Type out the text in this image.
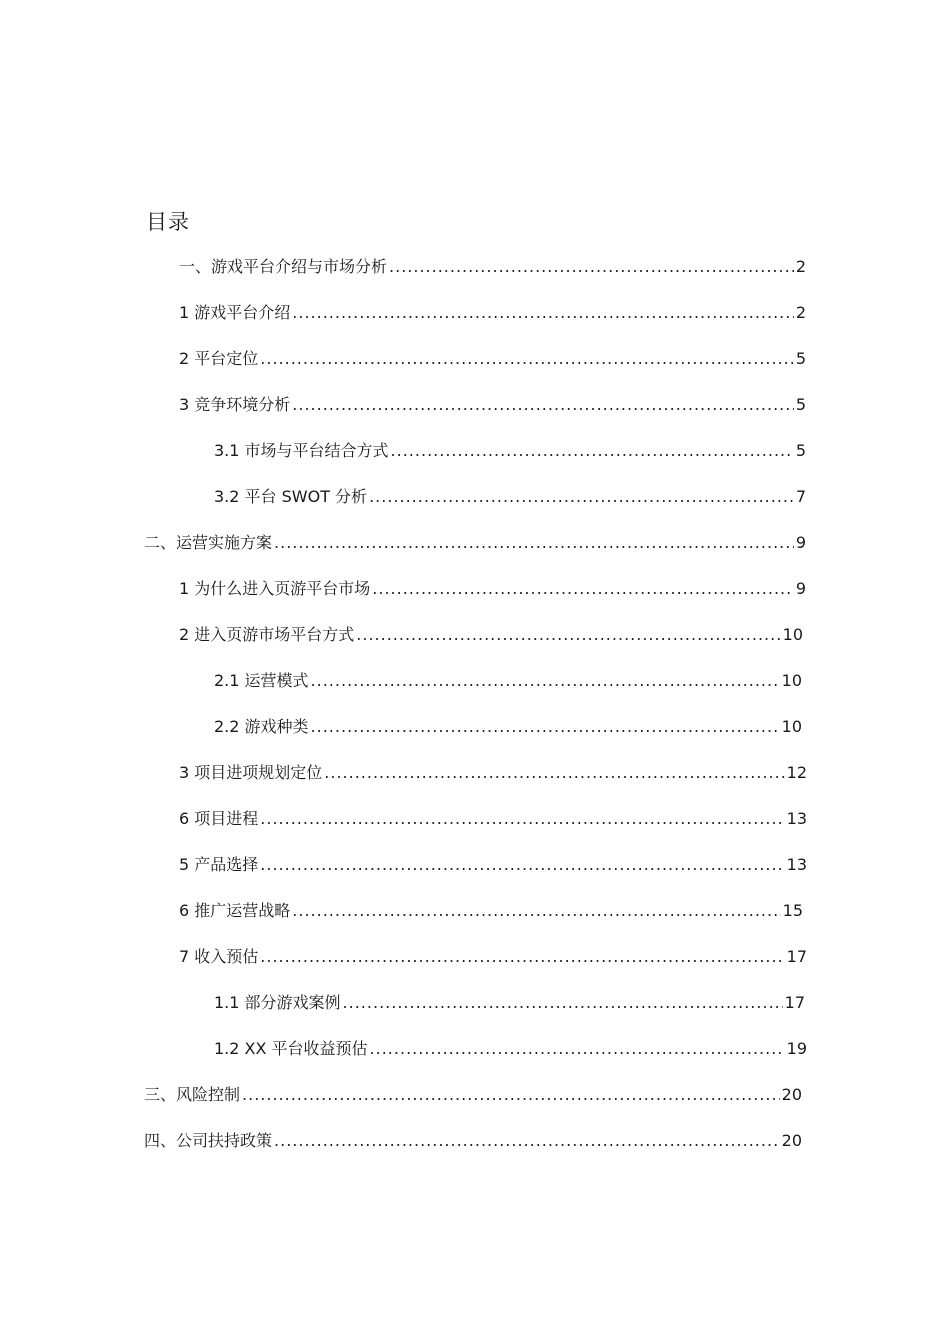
目录
一、游戏平台介绍与市场分析 .....	2
1 游戏平台介绍 .....	2
2 平台定位 .....	5
3 竞争环境分析 .....	5
3.1 市场与平台结合方式 .....	5
3.2 平台 SWOT 分析 .....	7
二、运营实施方案 .....	9
1 为什么进入页游平台市场 .....	9
2 进入页游市场平台方式 .....	10
2.1 运营模式 .....	10
2.2 游戏种类 .....	10
3 项目进项规划定位 .....	12
6 项目进程 .....	13
5 产品选择 .....	13
6 推广运营战略 .....	15
7 收入预估 .....	17
1.1 部分游戏案例 .....	17
1.2 XX 平台收益预估 .....	19
三、风险控制 .....	20
四、公司扶持政策 .....	20
